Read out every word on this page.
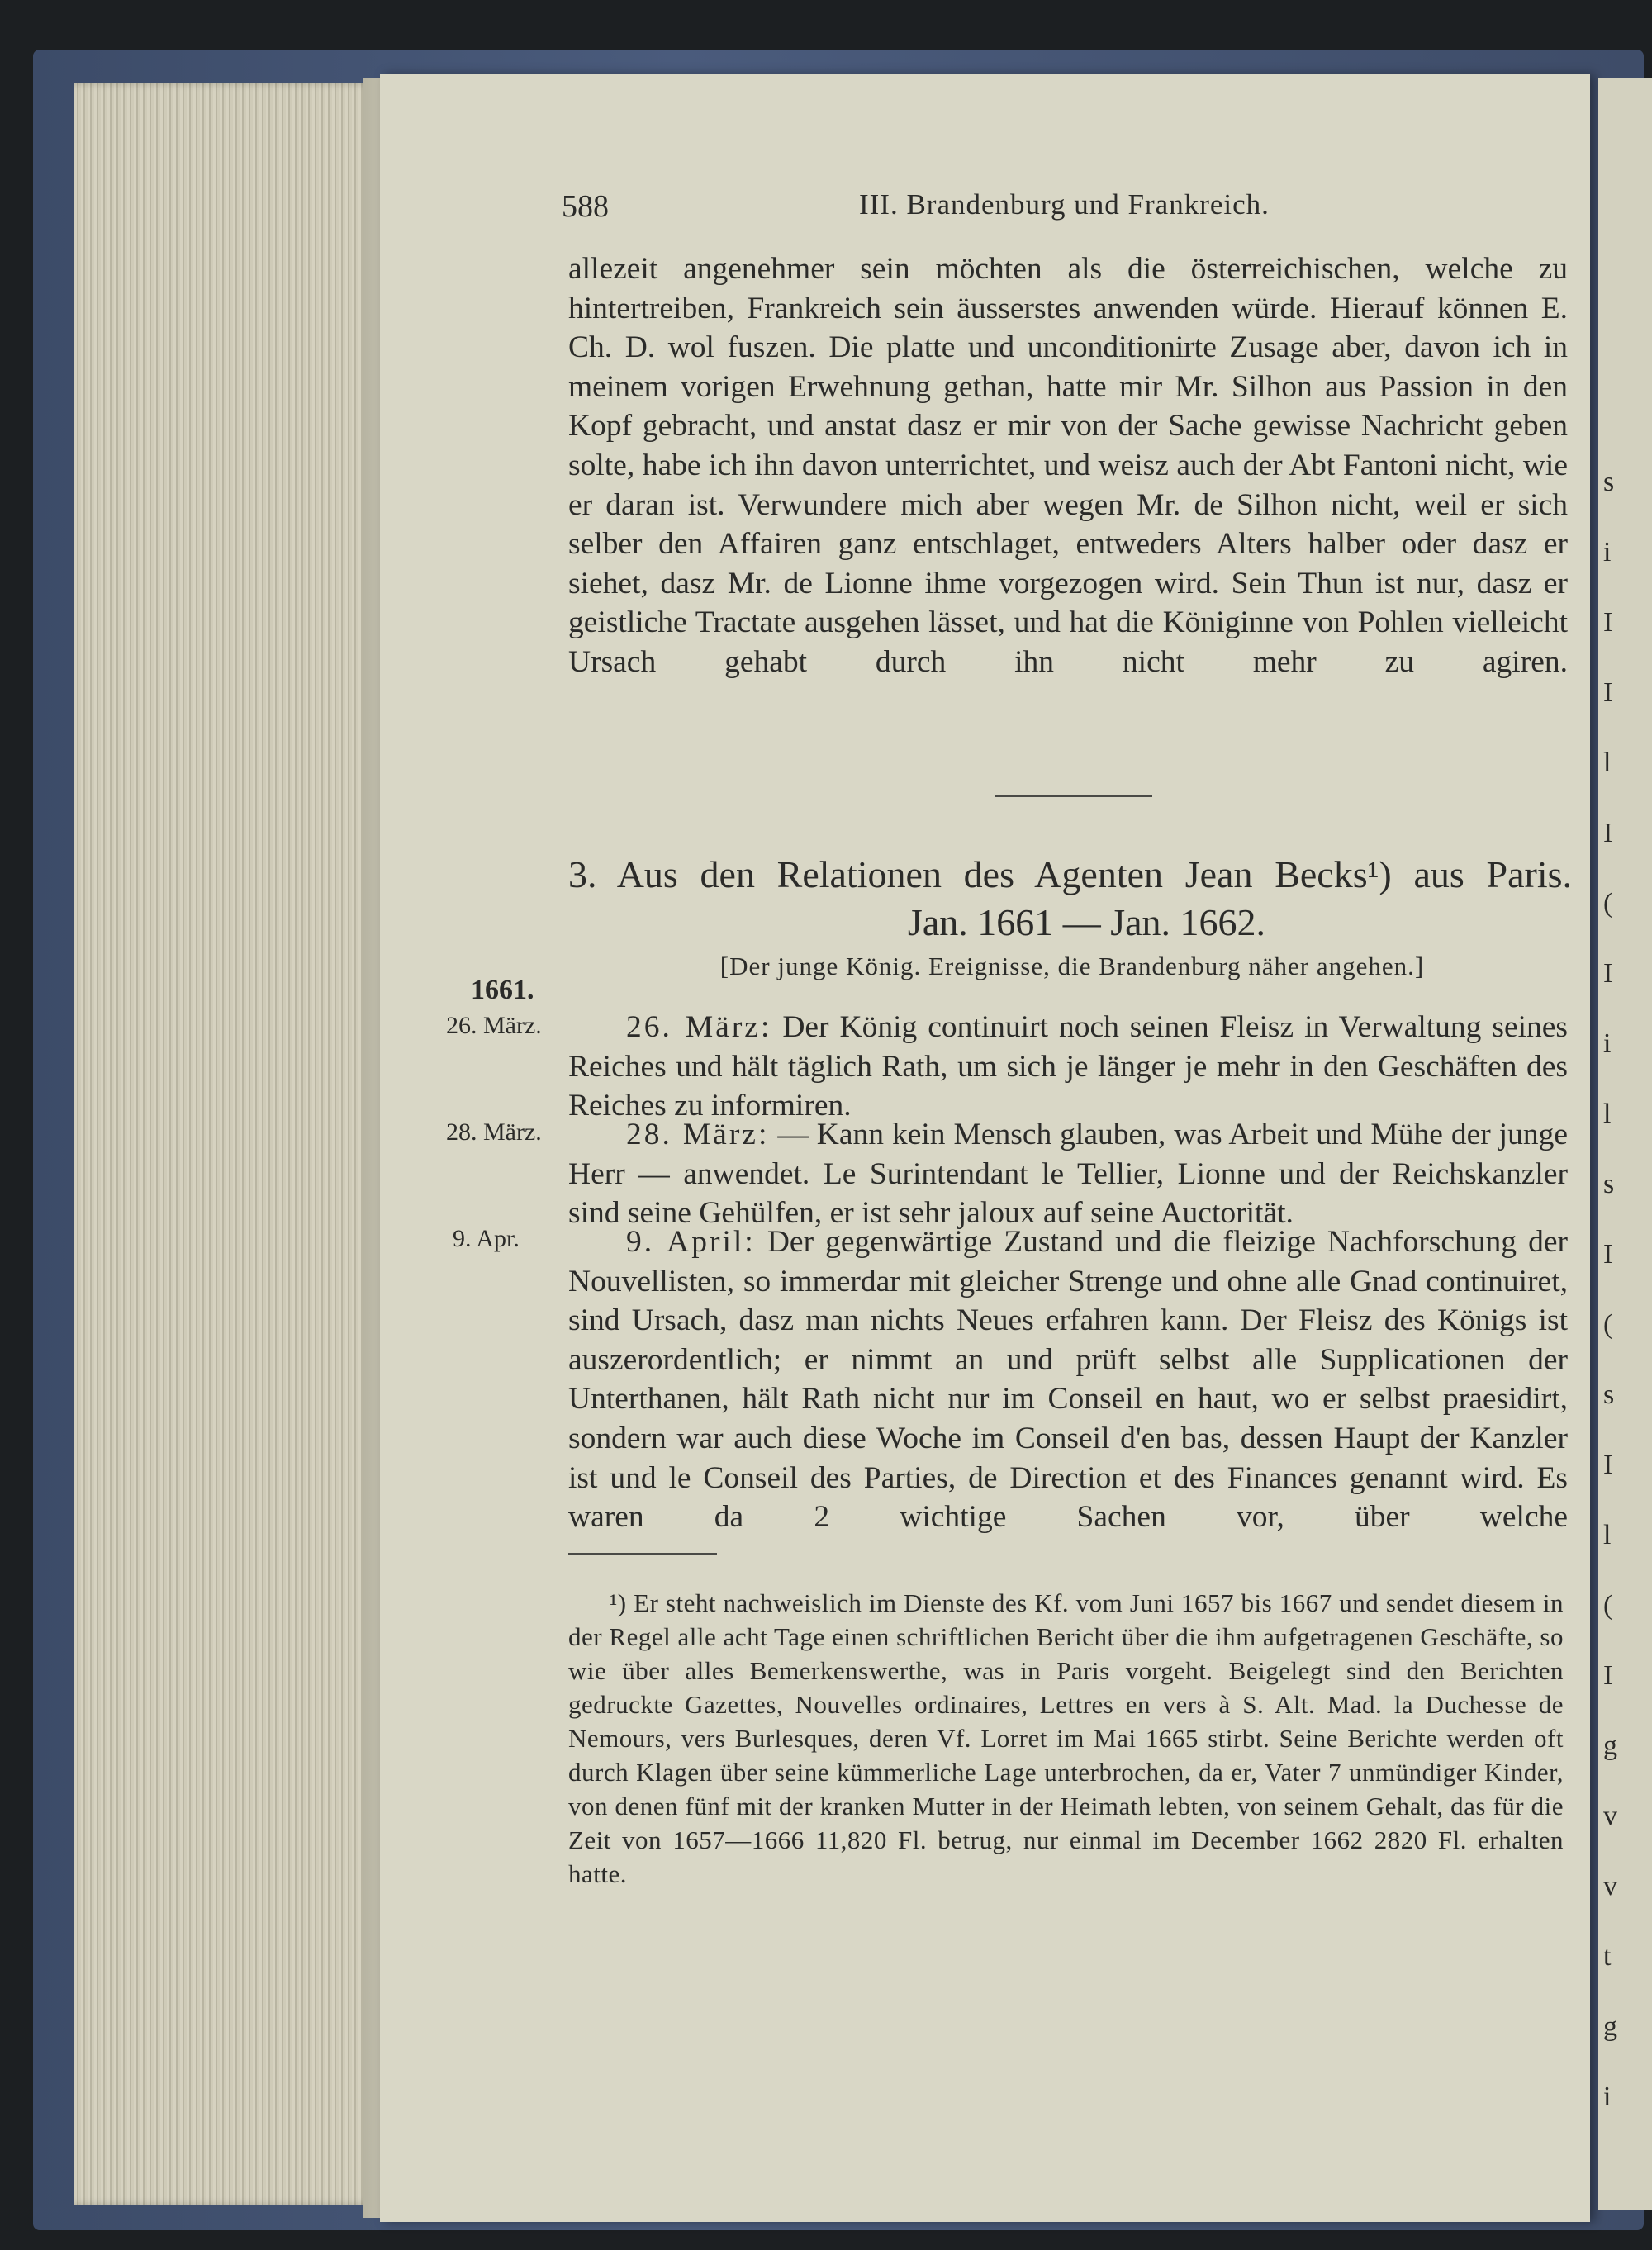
s
i
I
I
l
I
(
I
i
l
s
I
(
s
I
l
(
I
g
v
v
t
g
i
588	III. Brandenburg und Frankreich.
allezeit angenehmer sein möchten als die österreichischen, welche zu hintertreiben, Frankreich sein äusserstes anwenden würde. Hierauf können E. Ch. D. wol fuszen. Die platte und unconditionirte Zusage aber, davon ich in meinem vorigen Erwehnung gethan, hatte mir Mr. Silhon aus Passion in den Kopf gebracht, und anstat dasz er mir von der Sache gewisse Nachricht geben solte, habe ich ihn davon unterrichtet, und weisz auch der Abt Fantoni nicht, wie er daran ist. Verwundere mich aber wegen Mr. de Silhon nicht, weil er sich selber den Affairen ganz entschlaget, entweders Alters halber oder dasz er siehet, dasz Mr. de Lionne ihme vorgezogen wird. Sein Thun ist nur, dasz er geistliche Tractate ausgehen lässet, und hat die Königinne von Pohlen vielleicht Ursach gehabt durch ihn nicht mehr zu agiren.
3. Aus den Relationen des Agenten Jean Becks¹) aus Paris.
Jan. 1661 — Jan. 1662.
[Der junge König. Ereignisse, die Brandenburg näher angehen.]
1661.
26. März.
28. März.
9. Apr.
26. März: Der König continuirt noch seinen Fleisz in Verwaltung seines Reiches und hält täglich Rath, um sich je länger je mehr in den Geschäften des Reiches zu informiren.
28. März: — Kann kein Mensch glauben, was Arbeit und Mühe der junge Herr — anwendet. Le Surintendant le Tellier, Lionne und der Reichskanzler sind seine Gehülfen, er ist sehr jaloux auf seine Auctorität.
9. April: Der gegenwärtige Zustand und die fleizige Nachforschung der Nouvellisten, so immerdar mit gleicher Strenge und ohne alle Gnad continuiret, sind Ursach, dasz man nichts Neues erfahren kann. Der Fleisz des Königs ist auszerordentlich; er nimmt an und prüft selbst alle Supplicationen der Unterthanen, hält Rath nicht nur im Conseil en haut, wo er selbst praesidirt, sondern war auch diese Woche im Conseil d'en bas, dessen Haupt der Kanzler ist und le Conseil des Parties, de Direction et des Finances genannt wird. Es waren da 2 wichtige Sachen vor, über welche
¹) Er steht nachweislich im Dienste des Kf. vom Juni 1657 bis 1667 und sendet diesem in der Regel alle acht Tage einen schriftlichen Bericht über die ihm aufgetragenen Geschäfte, so wie über alles Bemerkenswerthe, was in Paris vorgeht. Beigelegt sind den Berichten gedruckte Gazettes, Nouvelles ordinaires, Lettres en vers à S. Alt. Mad. la Duchesse de Nemours, vers Burlesques, deren Vf. Lorret im Mai 1665 stirbt. Seine Berichte werden oft durch Klagen über seine kümmerliche Lage unterbrochen, da er, Vater 7 unmündiger Kinder, von denen fünf mit der kranken Mutter in der Heimath lebten, von seinem Gehalt, das für die Zeit von 1657—1666 11,820 Fl. betrug, nur einmal im December 1662 2820 Fl. erhalten hatte.
